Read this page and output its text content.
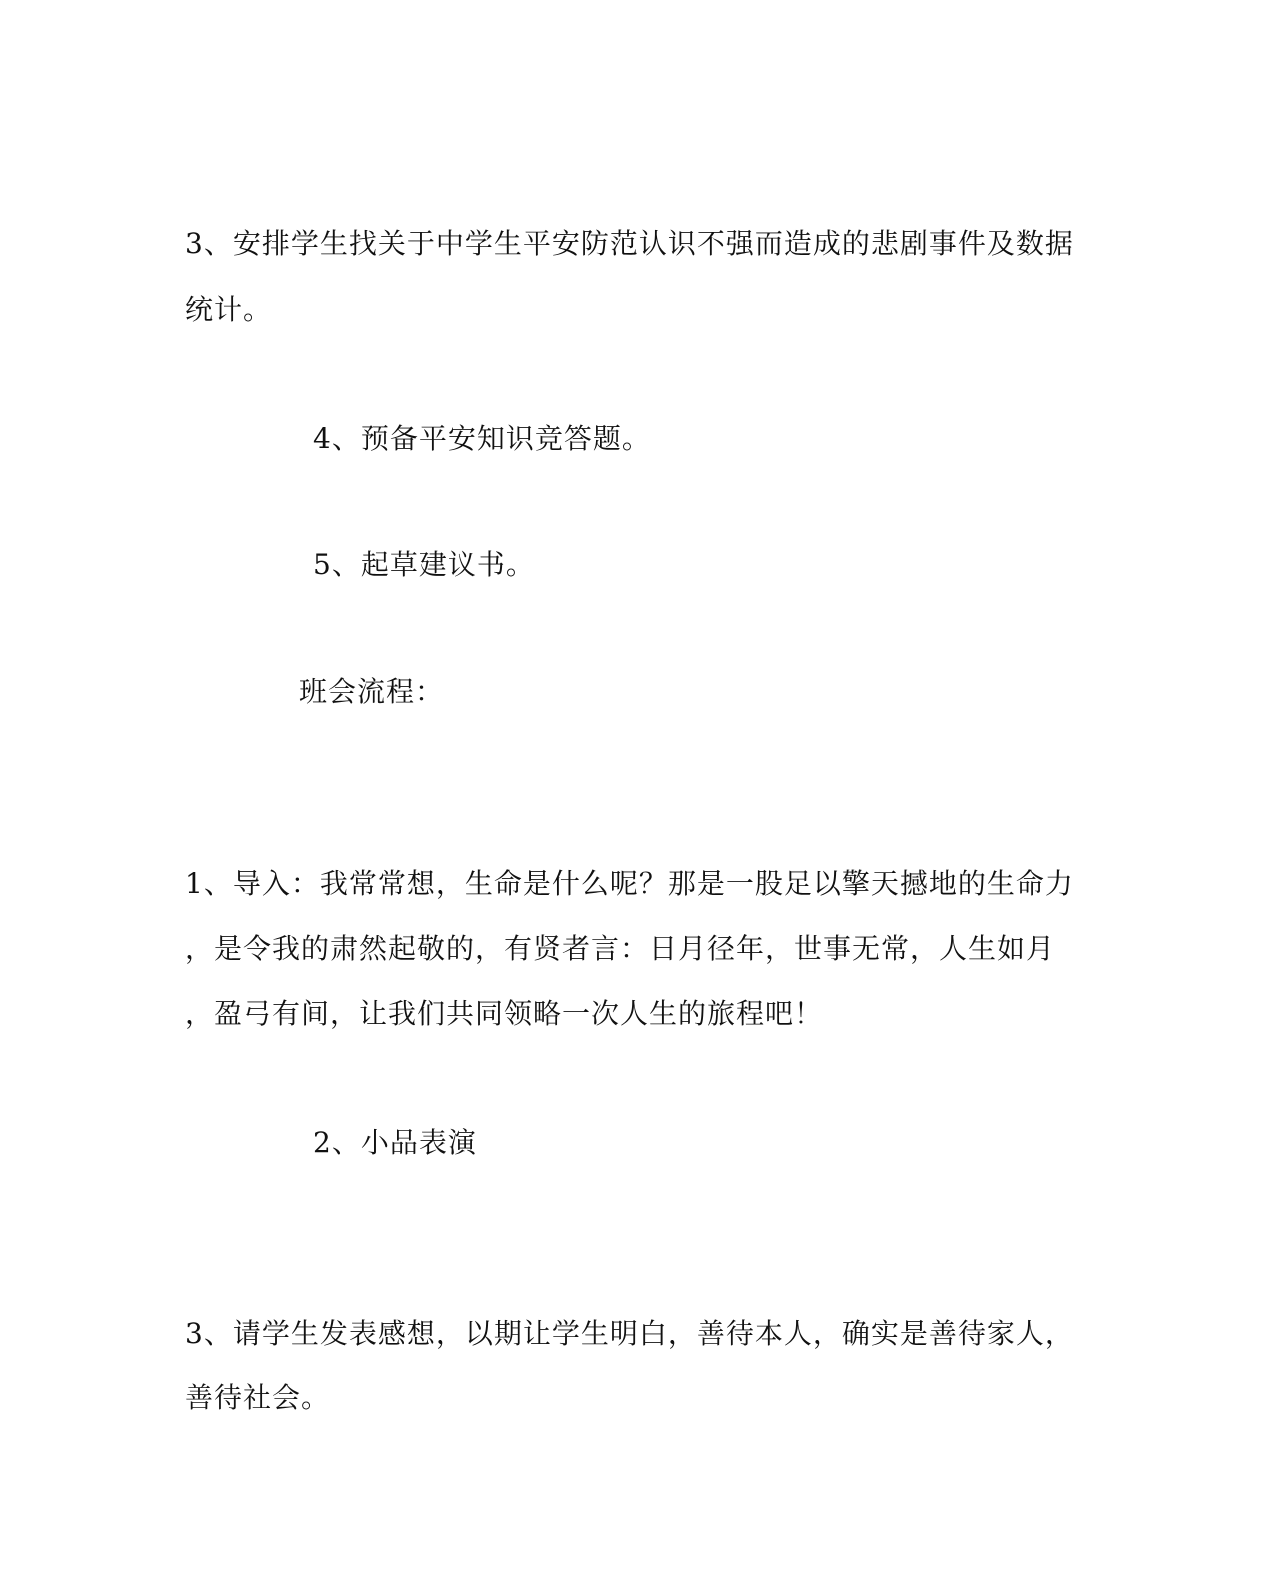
3、安排学生找关于中学生平安防范认识不强而造成的悲剧事件及数据
统计。
4、预备平安知识竞答题。
5、起草建议书。
班会流程：
1、导入：我常常想，生命是什么呢？那是一股足以擎天撼地的生命力
，是令我的肃然起敬的，有贤者言：日月径年，世事无常，人生如月
，盈弓有间，让我们共同领略一次人生的旅程吧！
2、小品表演
3、请学生发表感想，以期让学生明白，善待本人，确实是善待家人，
善待社会。
